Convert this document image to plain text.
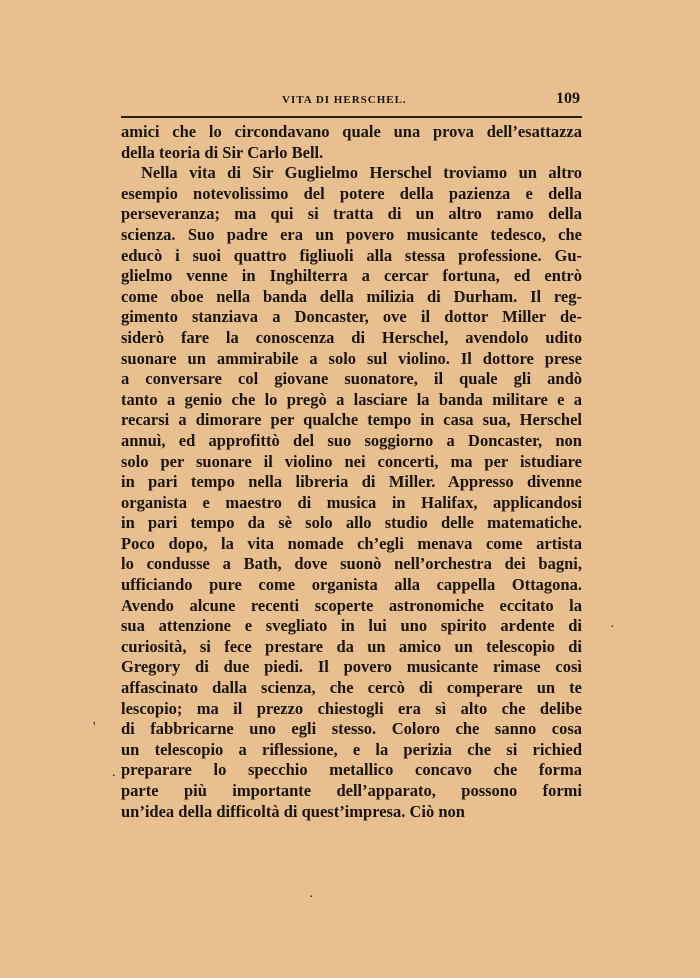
VITA DI HERSCHEL.	109
amici che lo circondavano quale una prova dell’esattazza
della teoria di Sir Carlo Bell.
Nella vita di Sir Guglielmo Herschel troviamo un altro
esempio notevolissimo del potere della pazienza e della
perseveranza; ma qui si tratta di un altro ramo della
scienza. Suo padre era un povero musicante tedesco, che
educò i suoi quattro figliuoli alla stessa professione. Gu-
glielmo venne in Inghilterra a cercar fortuna, ed entrò
come oboe nella banda della milizia di Durham. Il reg-
gimento stanziava a Doncaster, ove il dottor Miller de-
siderò fare la conoscenza di Herschel, avendolo udito
suonare un ammirabile a solo sul violino. Il dottore prese
a conversare col giovane suonatore, il quale gli andò
tanto a genio che lo pregò a lasciare la banda militare e a
recarsi a dimorare per qualche tempo in casa sua, Herschel
annuì, ed approfittò del suo soggiorno a Doncaster, non
solo per suonare il violino nei concerti, ma per istudiare
in pari tempo nella libreria di Miller. Appresso divenne
organista e maestro di musica in Halifax, applicandosi
in pari tempo da sè solo allo studio delle matematiche.
Poco dopo, la vita nomade ch’egli menava come artista
lo condusse a Bath, dove suonò nell’orchestra dei bagni,
ufficiando pure come organista alla cappella Ottagona.
Avendo alcune recenti scoperte astronomiche eccitato la
sua attenzione e svegliato in lui uno spirito ardente di
curiosità, si fece prestare da un amico un telescopio di
Gregory di due piedi. Il povero musicante rimase così
affascinato dalla scienza, che cercò di comperare un te
lescopio; ma il prezzo chiestogli era sì alto che delibe
di fabbricarne uno egli stesso. Coloro che sanno cosa
un telescopio a riflessione, e la perizia che si richied
preparare lo specchio metallico concavo che forma
parte più importante dell’apparato, possono formi
un’idea della difficoltà di quest’impresa. Ciò non
'
.
·
·
